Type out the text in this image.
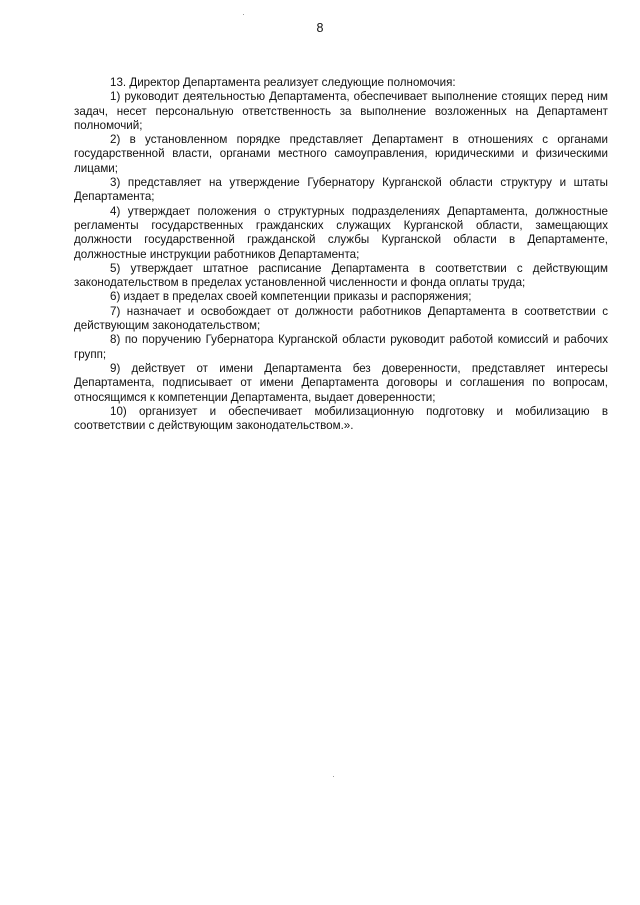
8

13. Директор Департамента реализует следующие полномочия:

1) руководит деятельностью Департамента, обеспечивает выполнение стоящих перед ним задач, несет персональную ответственность за выполнение возложенных на Департамент полномочий;

2) в установленном порядке представляет Департамент в отношениях с органами государственной власти, органами местного самоуправления, юридическими и физическими лицами;

3) представляет на утверждение Губернатору Курганской области структуру и штаты Департамента;

4) утверждает положения о структурных подразделениях Департамента, должностные регламенты государственных гражданских служащих Курганской области, замещающих должности государственной гражданской службы Курганской области в Департаменте, должностные инструкции работников Департамента;

5) утверждает штатное расписание Департамента в соответствии с действующим законодательством в пределах установленной численности и фонда оплаты труда;

6) издает в пределах своей компетенции приказы и распоряжения;

7) назначает и освобождает от должности работников Департамента в соответствии с действующим законодательством;

8) по поручению Губернатора Курганской области руководит работой комиссий и рабочих групп;

9) действует от имени Департамента без доверенности, представляет интересы Департамента, подписывает от имени Департамента договоры и соглашения по вопросам, относящимся к компетенции Департамента, выдает доверенности;

10) организует и обеспечивает мобилизационную подготовку и мобилизацию в соответствии с действующим законодательством.».
